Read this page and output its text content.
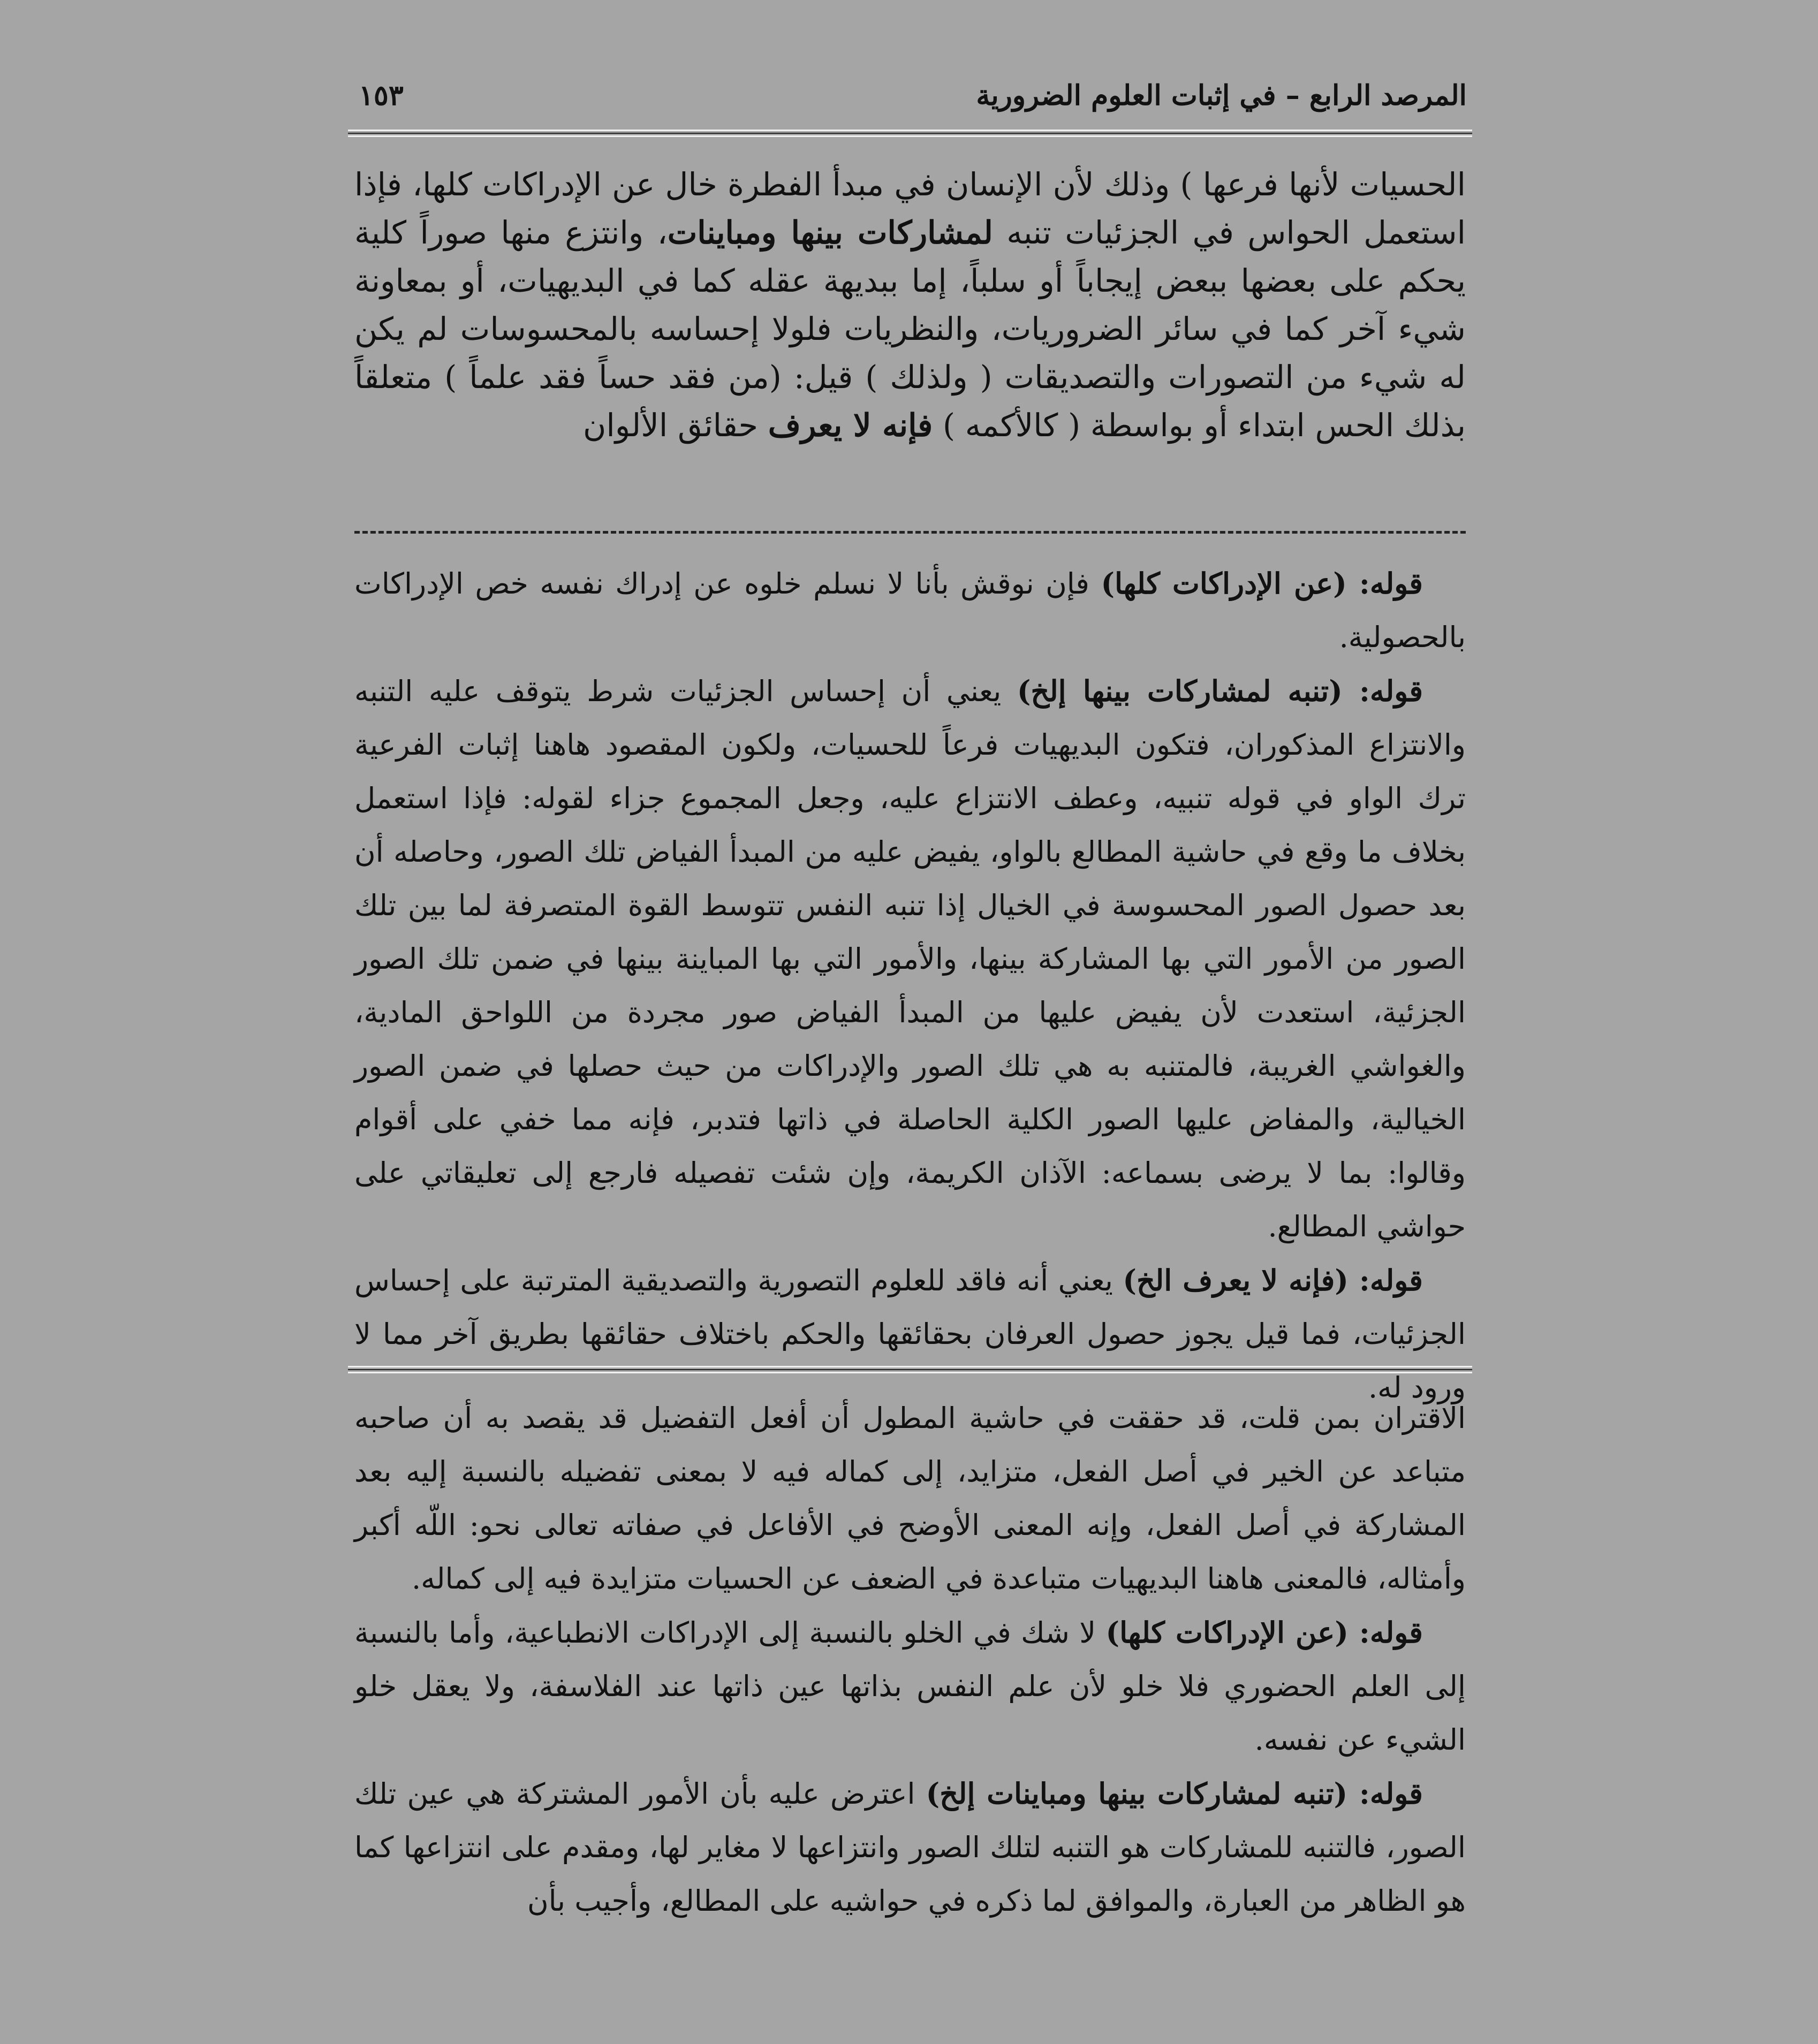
المرصد الرابع – في إثبات العلوم الضرورية
١٥٣

الحسيات لأنها فرعها ) وذلك لأن الإنسان في مبدأ الفطرة خال عن الإدراكات كلها، فإذا استعمل الحواس في الجزئيات تنبه لمشاركات بينها ومباينات، وانتزع منها صوراً كلية يحكم على بعضها ببعض إيجاباً أو سلباً، إما ببديهة عقله كما في البديهيات، أو بمعاونة شيء آخر كما في سائر الضروريات، والنظريات فلولا إحساسه بالمحسوسات لم يكن له شيء من التصورات والتصديقات ( ولذلك ) قيل: (من فقد حساً فقد علماً ) متعلقاً بذلك الحس ابتداء أو بواسطة ( كالأكمه ) فإنه لا يعرف حقائق الألوان

قوله: (عن الإدراكات كلها) فإن نوقش بأنا لا نسلم خلوه عن إدراك نفسه خص الإدراكات بالحصولية.

قوله: (تنبه لمشاركات بينها إلخ) يعني أن إحساس الجزئيات شرط يتوقف عليه التنبه والانتزاع المذكوران، فتكون البديهيات فرعاً للحسيات، ولكون المقصود هاهنا إثبات الفرعية ترك الواو في قوله تنبيه، وعطف الانتزاع عليه، وجعل المجموع جزاء لقوله: فإذا استعمل بخلاف ما وقع في حاشية المطالع بالواو، يفيض عليه من المبدأ الفياض تلك الصور، وحاصله أن بعد حصول الصور المحسوسة في الخيال إذا تنبه النفس تتوسط القوة المتصرفة لما بين تلك الصور من الأمور التي بها المشاركة بينها، والأمور التي بها المباينة بينها في ضمن تلك الصور الجزئية، استعدت لأن يفيض عليها من المبدأ الفياض صور مجردة من اللواحق المادية، والغواشي الغريبة، فالمتنبه به هي تلك الصور والإدراكات من حيث حصلها في ضمن الصور الخيالية، والمفاض عليها الصور الكلية الحاصلة في ذاتها فتدبر، فإنه مما خفي على أقوام وقالوا: بما لا يرضى بسماعه: الآذان الكريمة، وإن شئت تفصيله فارجع إلى تعليقاتي على حواشي المطالع.

قوله: (فإنه لا يعرف الخ) يعني أنه فاقد للعلوم التصورية والتصديقية المترتبة على إحساس الجزئيات، فما قيل يجوز حصول العرفان بحقائقها والحكم باختلاف حقائقها بطريق آخر مما لا ورود له.

الاقتران بمن قلت، قد حققت في حاشية المطول أن أفعل التفضيل قد يقصد به أن صاحبه متباعد عن الخير في أصل الفعل، متزايد، إلى كماله فيه لا بمعنى تفضيله بالنسبة إليه بعد المشاركة في أصل الفعل، وإنه المعنى الأوضح في الأفاعل في صفاته تعالى نحو: اللّه أكبر وأمثاله، فالمعنى هاهنا البديهيات متباعدة في الضعف عن الحسيات متزايدة فيه إلى كماله.

قوله: (عن الإدراكات كلها) لا شك في الخلو بالنسبة إلى الإدراكات الانطباعية، وأما بالنسبة إلى العلم الحضوري فلا خلو لأن علم النفس بذاتها عين ذاتها عند الفلاسفة، ولا يعقل خلو الشيء عن نفسه.

قوله: (تنبه لمشاركات بينها ومباينات إلخ) اعترض عليه بأن الأمور المشتركة هي عين تلك الصور، فالتنبه للمشاركات هو التنبه لتلك الصور وانتزاعها لا مغاير لها، ومقدم على انتزاعها كما هو الظاهر من العبارة، والموافق لما ذكره في حواشيه على المطالع، وأجيب بأن
